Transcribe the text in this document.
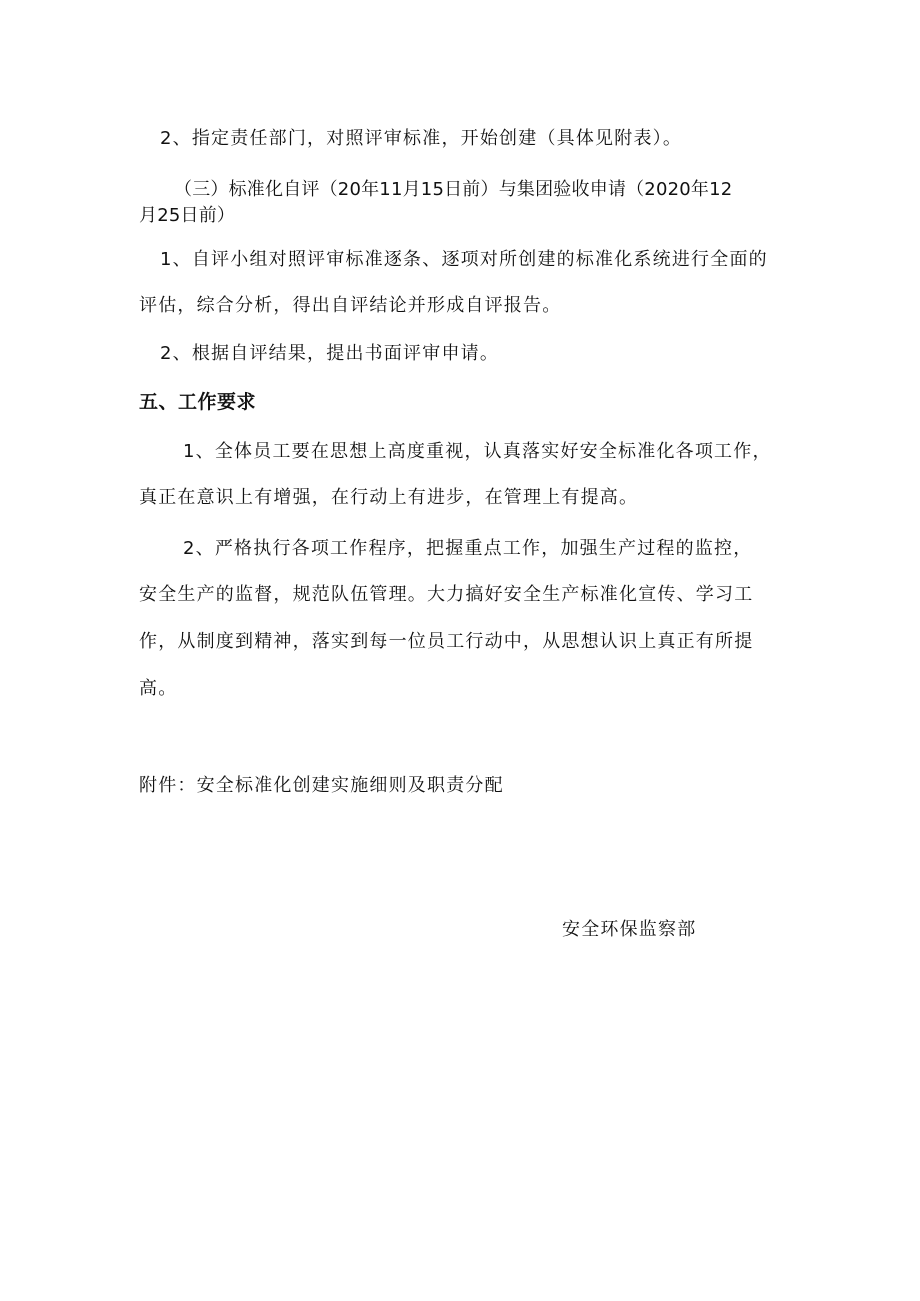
2、指定责任部门，对照评审标准，开始创建（具体见附表）。
（三）标准化自评（20年11月15日前）与集团验收申请（2020年12
月25日前）
1、自评小组对照评审标准逐条、逐项对所创建的标准化系统进行全面的
评估，综合分析，得出自评结论并形成自评报告。
2、根据自评结果，提出书面评审申请。
五、工作要求
1、全体员工要在思想上高度重视，认真落实好安全标准化各项工作，
真正在意识上有增强，在行动上有进步，在管理上有提高。
2、严格执行各项工作程序，把握重点工作，加强生产过程的监控，
安全生产的监督，规范队伍管理。大力搞好安全生产标准化宣传、学习工
作，从制度到精神，落实到每一位员工行动中，从思想认识上真正有所提
高。
附件：安全标准化创建实施细则及职责分配
安全环保监察部
